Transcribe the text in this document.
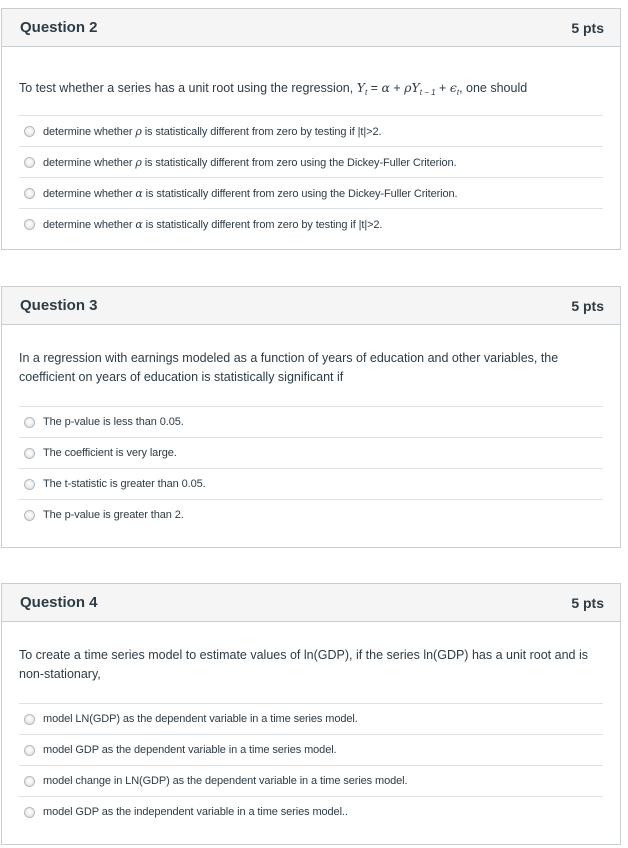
Question 2	5 pts
To test whether a series has a unit root using the regression, $Y_t = \alpha + \rho Y_{t - 1} + \epsilon_t$, one should
determine whether ρ is statistically different from zero by testing if |t|>2.
determine whether ρ is statistically different from zero using the Dickey-Fuller Criterion.
determine whether α is statistically different from zero using the Dickey-Fuller Criterion.
determine whether α is statistically different from zero by testing if |t|>2.
Question 3	5 pts
In a regression with earnings modeled as a function of years of education and other variables, the coefficient on years of education is statistically significant if
The p-value is less than 0.05.
The coefficient is very large.
The t-statistic is greater than 0.05.
The p-value is greater than 2.
Question 4	5 pts
To create a time series model to estimate values of ln(GDP), if the series ln(GDP) has a unit root and is non-stationary,
model LN(GDP) as the dependent variable in a time series model.
model GDP as the dependent variable in a time series model.
model change in LN(GDP) as the dependent variable in a time series model.
model GDP as the independent variable in a time series model..
